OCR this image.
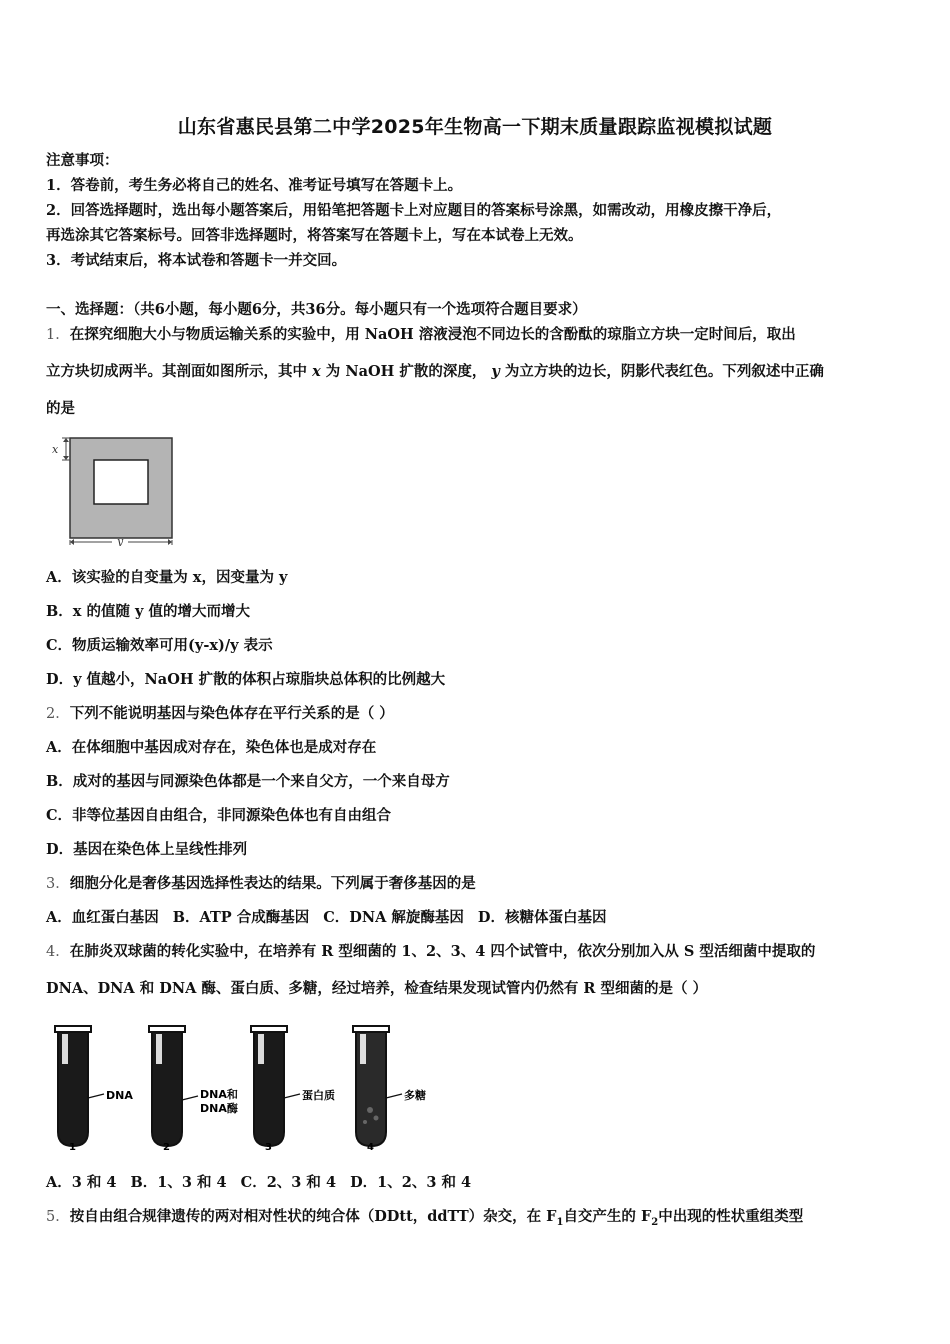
山东省惠民县第二中学2025年生物高一下期末质量跟踪监视模拟试题
注意事项：
1．答卷前，考生务必将自己的姓名、准考证号填写在答题卡上。
2．回答选择题时，选出每小题答案后，用铅笔把答题卡上对应题目的答案标号涂黑，如需改动，用橡皮擦干净后，
再选涂其它答案标号。回答非选择题时，将答案写在答题卡上，写在本试卷上无效。
3．考试结束后，将本试卷和答题卡一并交回。
一、选择题：（共6小题，每小题6分，共36分。每小题只有一个选项符合题目要求）
1．在探究细胞大小与物质运输关系的实验中，用 NaOH 溶液浸泡不同边长的含酚酞的琼脂立方块一定时间后，取出
立方块切成两半。其剖面如图所示，其中 x 为 NaOH 扩散的深度， y 为立方块的边长，阴影代表红色。下列叙述中正确
的是
x
y
A．该实验的自变量为 x，因变量为 y
B．x 的值随 y 值的增大而增大
C．物质运输效率可用(y-x)/y 表示
D．y 值越小，NaOH 扩散的体积占琼脂块总体积的比例越大
2．下列不能说明基因与染色体存在平行关系的是（ ）
A．在体细胞中基因成对存在，染色体也是成对存在
B．成对的基因与同源染色体都是一个来自父方，一个来自母方
C．非等位基因自由组合，非同源染色体也有自由组合
D．基因在染色体上呈线性排列
3．细胞分化是奢侈基因选择性表达的结果。下列属于奢侈基因的是
A．血红蛋白基因 B．ATP 合成酶基因 C．DNA 解旋酶基因 D．核糖体蛋白基因
4．在肺炎双球菌的转化实验中，在培养有 R 型细菌的 1、2、3、4 四个试管中，依次分别加入从 S 型活细菌中提取的
DNA、DNA 和 DNA 酶、蛋白质、多糖，经过培养，检查结果发现试管内仍然有 R 型细菌的是（ ）
DNA
1
DNA和
DNA酶
2
蛋白质
3
多糖
4
A．3 和 4 B．1、3 和 4 C．2、3 和 4 D．1、2、3 和 4
5．按自由组合规律遗传的两对相对性状的纯合体（DDtt，ddTT）杂交，在 $F_1$自交产生的 $F_2$中出现的性状重组类型
